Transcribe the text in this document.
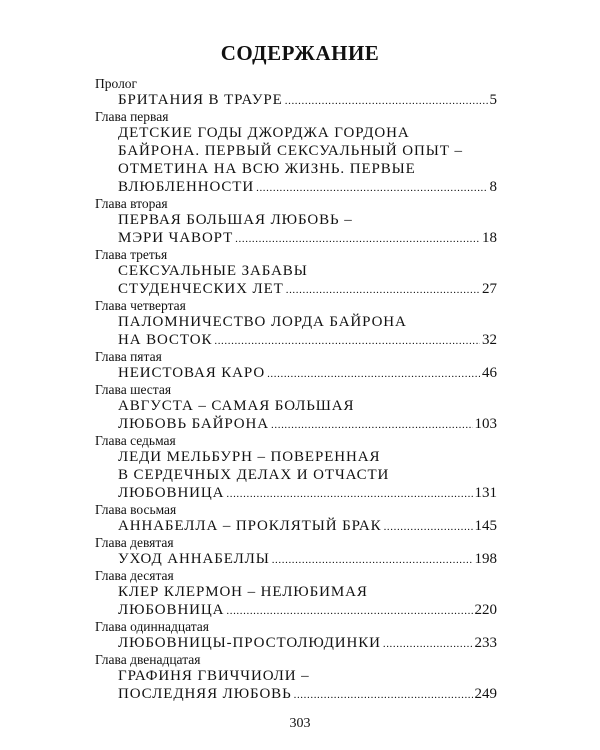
СОДЕРЖАНИЕ
Пролог
БРИТАНИЯ В ТРАУРЕ .....	5
Глава первая
ДЕТСКИЕ ГОДЫ ДЖОРДЖА ГОРДОНА
БАЙРОНА. ПЕРВЫЙ СЕКСУАЛЬНЫЙ ОПЫТ –
ОТМЕТИНА НА ВСЮ ЖИЗНЬ. ПЕРВЫЕ
ВЛЮБЛЕННОСТИ .....	8
Глава вторая
ПЕРВАЯ БОЛЬШАЯ ЛЮБОВЬ –
МЭРИ ЧАВОРТ .....	18
Глава третья
СЕКСУАЛЬНЫЕ ЗАБАВЫ
СТУДЕНЧЕСКИХ ЛЕТ .....	27
Глава четвертая
ПАЛОМНИЧЕСТВО ЛОРДА БАЙРОНА
НА ВОСТОК .....	32
Глава пятая
НЕИСТОВАЯ КАРО .....	46
Глава шестая
АВГУСТА – САМАЯ БОЛЬШАЯ
ЛЮБОВЬ БАЙРОНА .....	103
Глава седьмая
ЛЕДИ МЕЛЬБУРН – ПОВЕРЕННАЯ
В СЕРДЕЧНЫХ ДЕЛАХ И ОТЧАСТИ
ЛЮБОВНИЦА .....	131
Глава восьмая
АННАБЕЛЛА – ПРОКЛЯТЫЙ БРАК .....	145
Глава девятая
УХОД АННАБЕЛЛЫ .....	198
Глава десятая
КЛЕР КЛЕРМОН – НЕЛЮБИМАЯ
ЛЮБОВНИЦА .....	220
Глава одиннадцатая
ЛЮБОВНИЦЫ-ПРОСТОЛЮДИНКИ .....	233
Глава двенадцатая
ГРАФИНЯ ГВИЧЧИОЛИ –
ПОСЛЕДНЯЯ ЛЮБОВЬ .....	249
303
